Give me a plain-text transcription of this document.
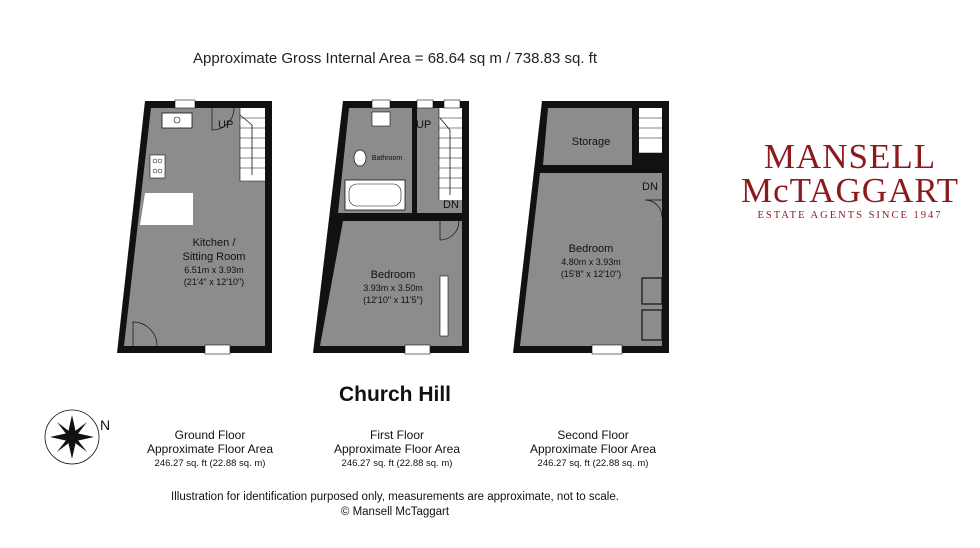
Approximate Gross Internal Area = 68.64 sq m / 738.83 sq. ft
UP
Kitchen /
Sitting Room
6.51m x 3.93m
(21'4" x 12'10")
UP
DN
Bathroom
Bedroom
3.93m x 3.50m
(12'10" x 11'5")
DN
Storage
Bedroom
4.80m x 3.93m
(15'8" x 12'10")
N
Church Hill
Ground Floor
Approximate Floor Area
246.27 sq. ft (22.88 sq. m)
First Floor
Approximate Floor Area
246.27 sq. ft (22.88 sq. m)
Second Floor
Approximate Floor Area
246.27 sq. ft (22.88 sq. m)
Illustration for identification purposed only, measurements are approximate, not to scale.
© Mansell McTaggart
MANSELL
McTAGGART
ESTATE AGENTS SINCE 1947
